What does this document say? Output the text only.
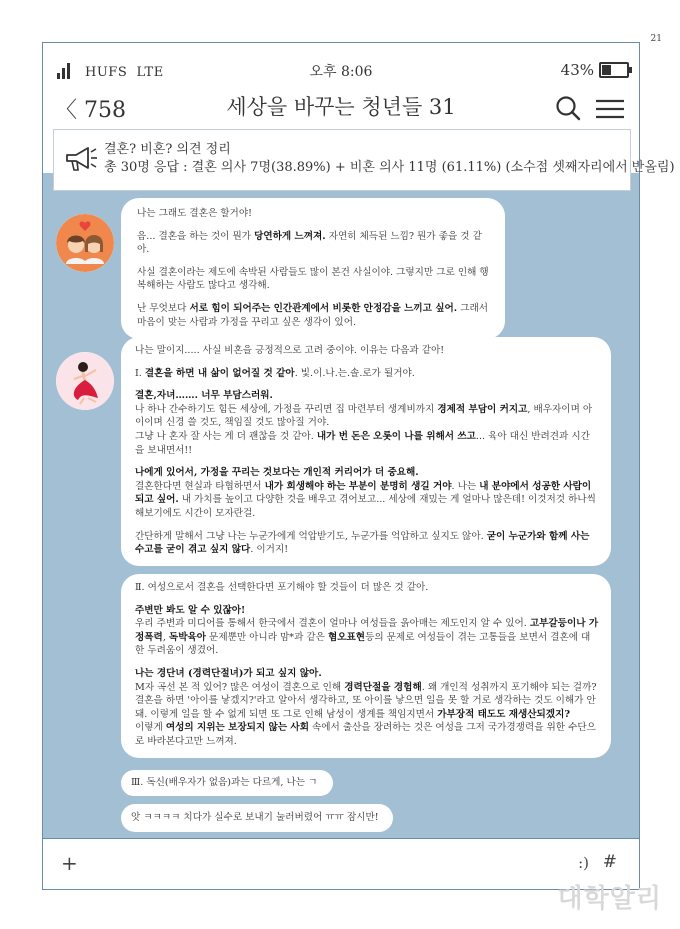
21
HUFS  LTE	오후 8:06	43%
〈 758	세상을 바꾸는 청년들 31
결혼? 비혼? 의견 정리
총 30명 응답 : 결혼 의사 7명(38.89%) + 비혼 의사 11명 (61.11%) (소수점 셋째자리에서 반올림)

나는 그래도 결혼은 할거야!

음... 결혼을 하는 것이 뭔가 당연하게 느껴져. 자연히 체득된 느낌? 뭔가 좋을 것 같아.

사실 결혼이라는 제도에 속박된 사람들도 많이 본건 사실이야. 그렇지만 그로 인해 행복해하는 사람도 많다고 생각해.

난 무엇보다 서로 힘이 되어주는 인간관계에서 비롯한 안정감을 느끼고 싶어. 그래서 마음이 맞는 사람과 가정을 꾸리고 싶은 생각이 있어.

나는 말이지..... 사실 비혼을 긍정적으로 고려 중이야. 이유는 다음과 같아!

Ⅰ. 결혼을 하면 내 삶이 없어질 것 같아. 빛.이.나.는.솔.로가 될거야.

결혼,자녀……. 너무 부담스러워.
나 하나 간수하기도 힘든 세상에, 가정을 꾸리면 집 마련부터 생계비까지 경제적 부담이 커지고, 배우자이며 아이이며 신경 쓸 것도, 책임질 것도 많아질 거야.
그냥 나 혼자 잘 사는 게 더 괜찮을 것 같아. 내가 번 돈은 오롯이 나를 위해서 쓰고... 육아 대신 반려견과 시간을 보내면서!!

나에게 있어서, 가정을 꾸리는 것보다는 개인적 커리어가 더 중요해.
결혼한다면 현실과 타협하면서 내가 희생해야 하는 부분이 분명히 생길 거야. 나는 내 분야에서 성공한 사람이 되고 싶어. 내 가치를 높이고 다양한 것을 배우고 겪어보고... 세상에 재밌는 게 얼마나 많은데! 이것저것 하나씩 해보기에도 시간이 모자란걸.

간단하게 말해서 그냥 나는 누군가에게 억압받기도, 누군가를 억압하고 싶지도 않아. 굳이 누군가와 함께 사는 수고를 굳이 겪고 싶지 않다. 이거지!

Ⅱ. 여성으로서 결혼을 선택한다면 포기해야 할 것들이 더 많은 것 같아.

주변만 봐도 알 수 있잖아!
우리 주변과 미디어를 통해서 한국에서 결혼이 얼마나 여성들을 옭아매는 제도인지 알 수 있어. 고부갈등이나 가정폭력, 독박육아 문제뿐만 아니라 맘*과 같은 혐오표현등의 문제로 여성들이 겪는 고통들을 보면서 결혼에 대한 두려움이 생겼어.

나는 경단녀 (경력단절녀)가 되고 싶지 않아.
M자 곡선 본 적 있어? 많은 여성이 결혼으로 인해 경력단절을 경험해. 왜 개인적 성취까지 포기해야 되는 걸까? 결혼을 하면 '아이를 낳겠지?'라고 알아서 생각하고, 또 아이를 낳으면 일을 못 할 거로 생각하는 것도 이해가 안 돼. 이렇게 일을 할 수 없게 되면 또 그로 인해 남성이 생계를 책임지면서 가부장적 태도도 재생산되겠지?
이렇게 여성의 지위는 보장되지 않는 사회 속에서 출산을 장려하는 것은 여성을 그저 국가경쟁력을 위한 수단으로 바라본다고만 느껴져.

Ⅲ. 독신(배우자가 없음)과는 다르게, 나는 ㄱ

앗 ㅋㅋㅋㅋ 치다가 실수로 보내기 눌러버렸어 ㅠㅠ 잠시만!

+	:) #
대학알리
